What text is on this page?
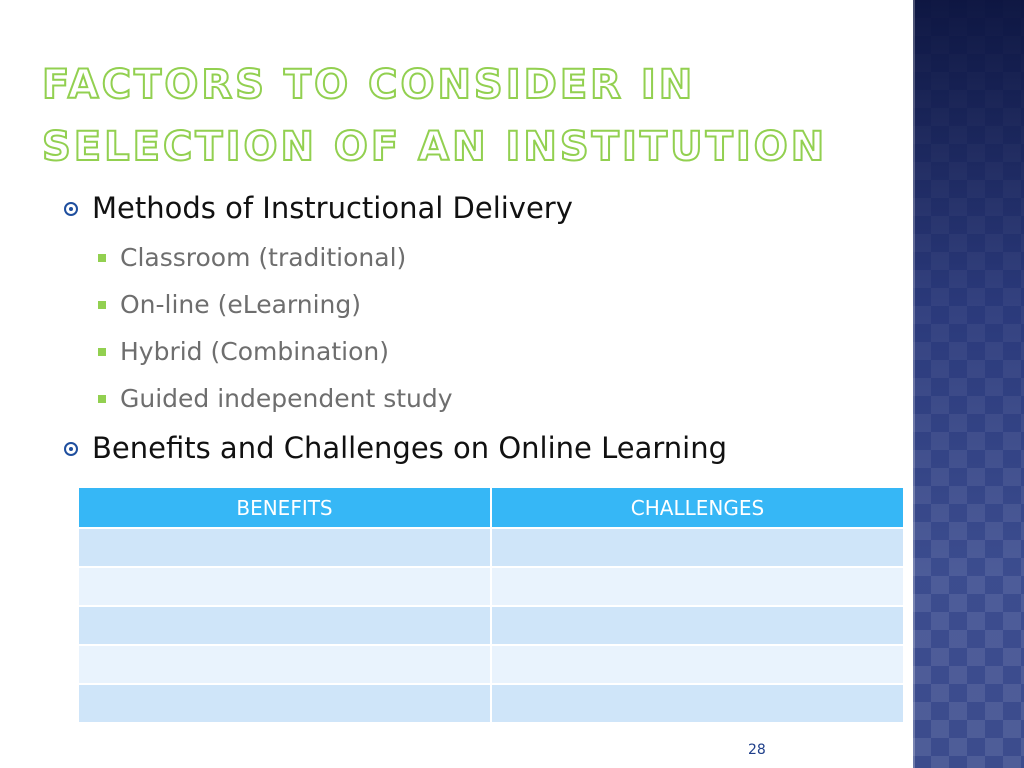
FACTORS TO CONSIDER IN SELECTION OF AN INSTITUTION
Methods of Instructional Delivery
Classroom (traditional)
On-line (eLearning)
Hybrid (Combination)
Guided independent study
Benefits and Challenges on Online Learning
BENEFITS	CHALLENGES

28
